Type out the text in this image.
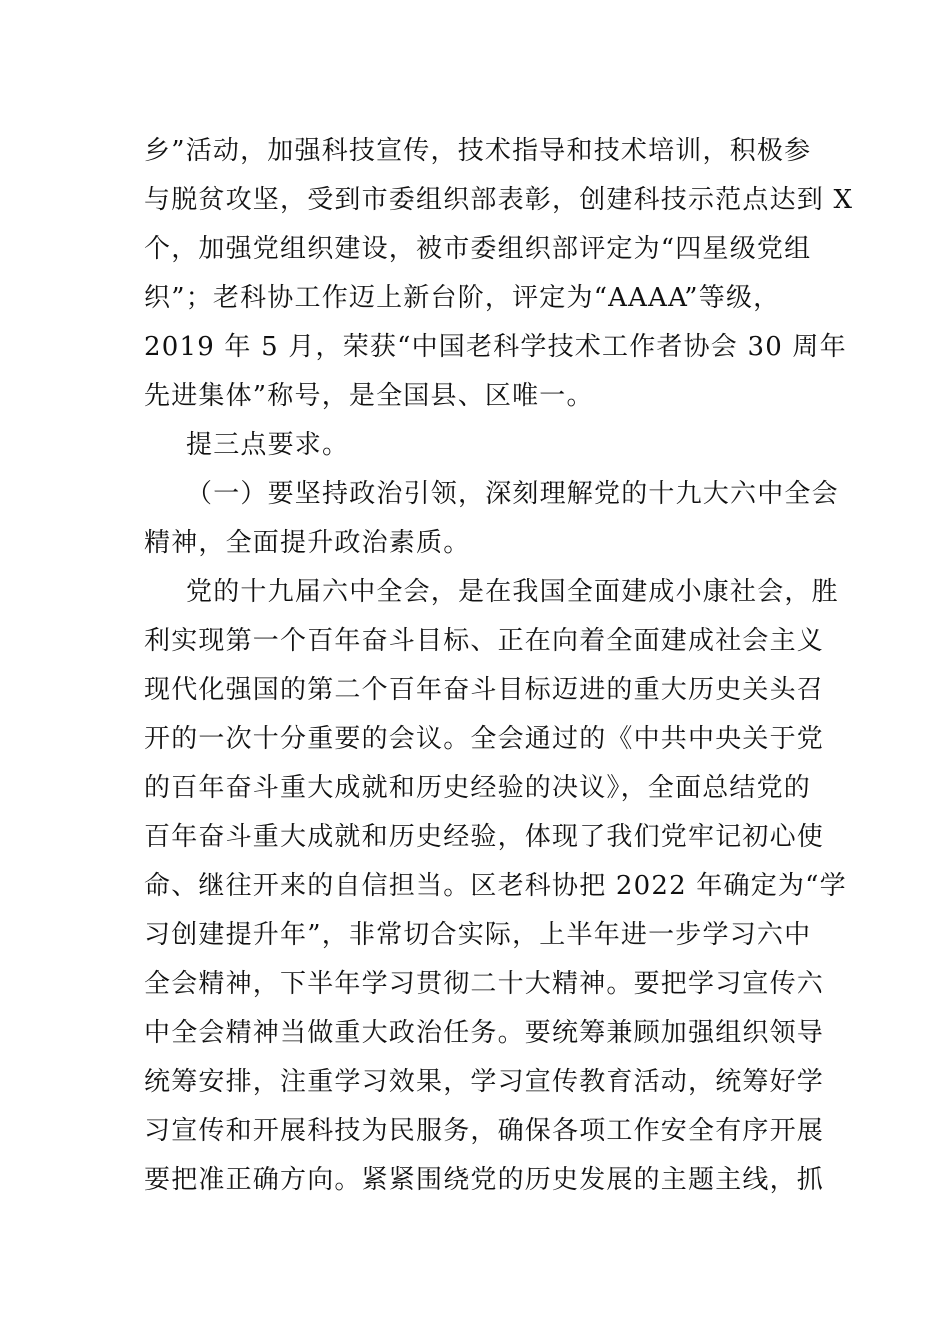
乡”活动，加强科技宣传，技术指导和技术培训，积极参
与脱贫攻坚，受到市委组织部表彰，创建科技示范点达到 X
个，加强党组织建设，被市委组织部评定为“四星级党组
织”；老科协工作迈上新台阶，评定为“AAAA”等级，
2019 年 5 月，荣获“中国老科学技术工作者协会 30 周年
先进集体”称号，是全国县、区唯一。
提三点要求。
（一）要坚持政治引领，深刻理解党的十九大六中全会
精神，全面提升政治素质。
党的十九届六中全会，是在我国全面建成小康社会，胜
利实现第一个百年奋斗目标、正在向着全面建成社会主义
现代化强国的第二个百年奋斗目标迈进的重大历史关头召
开的一次十分重要的会议。全会通过的《中共中央关于党
的百年奋斗重大成就和历史经验的决议》，全面总结党的
百年奋斗重大成就和历史经验，体现了我们党牢记初心使
命、继往开来的自信担当。区老科协把 2022 年确定为“学
习创建提升年”，非常切合实际，上半年进一步学习六中
全会精神，下半年学习贯彻二十大精神。要把学习宣传六
中全会精神当做重大政治任务。要统筹兼顾加强组织领导
统筹安排，注重学习效果，学习宣传教育活动，统筹好学
习宣传和开展科技为民服务，确保各项工作安全有序开展
要把准正确方向。紧紧围绕党的历史发展的主题主线，抓
